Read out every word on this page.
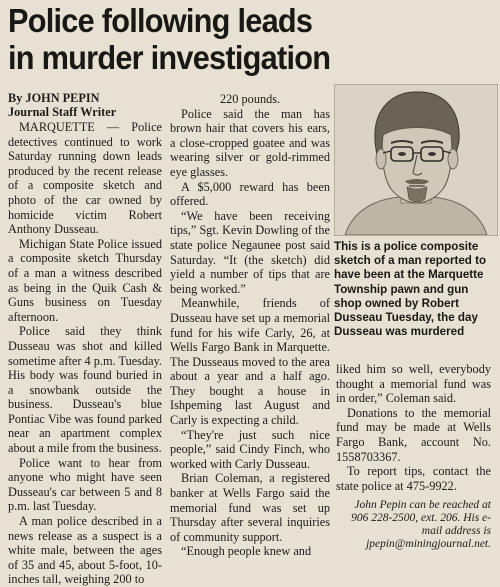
Police following leads
in murder investigation
By JOHN PEPIN
Journal Staff Writer

MARQUETTE — Police detectives continued to work Saturday running down leads produced by the recent release of a composite sketch and photo of the car owned by homicide victim Robert Anthony Dusseau.

Michigan State Police issued a composite sketch Thursday of a man a witness described as being in the Quik Cash & Guns business on Tuesday afternoon.

Police said they think Dusseau was shot and killed sometime after 4 p.m. Tuesday. His body was found buried in a snowbank outside the business. Dusseau's blue Pontiac Vibe was found parked near an apartment complex about a mile from the business.

Police want to hear from anyone who might have seen Dusseau's car between 5 and 8 p.m. last Tuesday.

A man police described in a news release as a suspect is a white male, between the ages of 35 and 45, about 5-foot, 10-inches tall, weighing 200 to

220 pounds.

Police said the man has brown hair that covers his ears, a close-cropped goatee and was wearing silver or gold-rimmed eye glasses.

A $5,000 reward has been offered.

“We have been receiving tips,” Sgt. Kevin Dowling of the state police Negaunee post said Saturday. “It (the sketch) did yield a number of tips that are being worked.”

Meanwhile, friends of Dusseau have set up a memorial fund for his wife Carly, 26, at Wells Fargo Bank in Marquette. The Dusseaus moved to the area about a year and a half ago. They bought a house in Ishpeming last August and Carly is expecting a child.

“They're just such nice people,” said Cindy Finch, who worked with Carly Dusseau.

Brian Coleman, a registered banker at Wells Fargo said the memorial fund was set up Thursday after several inquiries of community support.

“Enough people knew and

This is a police composite sketch of a man reported to have been at the Marquette Township pawn and gun shop owned by Robert Dusseau Tuesday, the day Dusseau was murdered

liked him so well, everybody thought a memorial fund was in order,” Coleman said.

Donations to the memorial fund may be made at Wells Fargo Bank, account No. 1558703367.

To report tips, contact the state police at 475-9922.

John Pepin can be reached at 906 228-2500, ext. 206. His e-mail address is jpepin@miningjournal.net.
